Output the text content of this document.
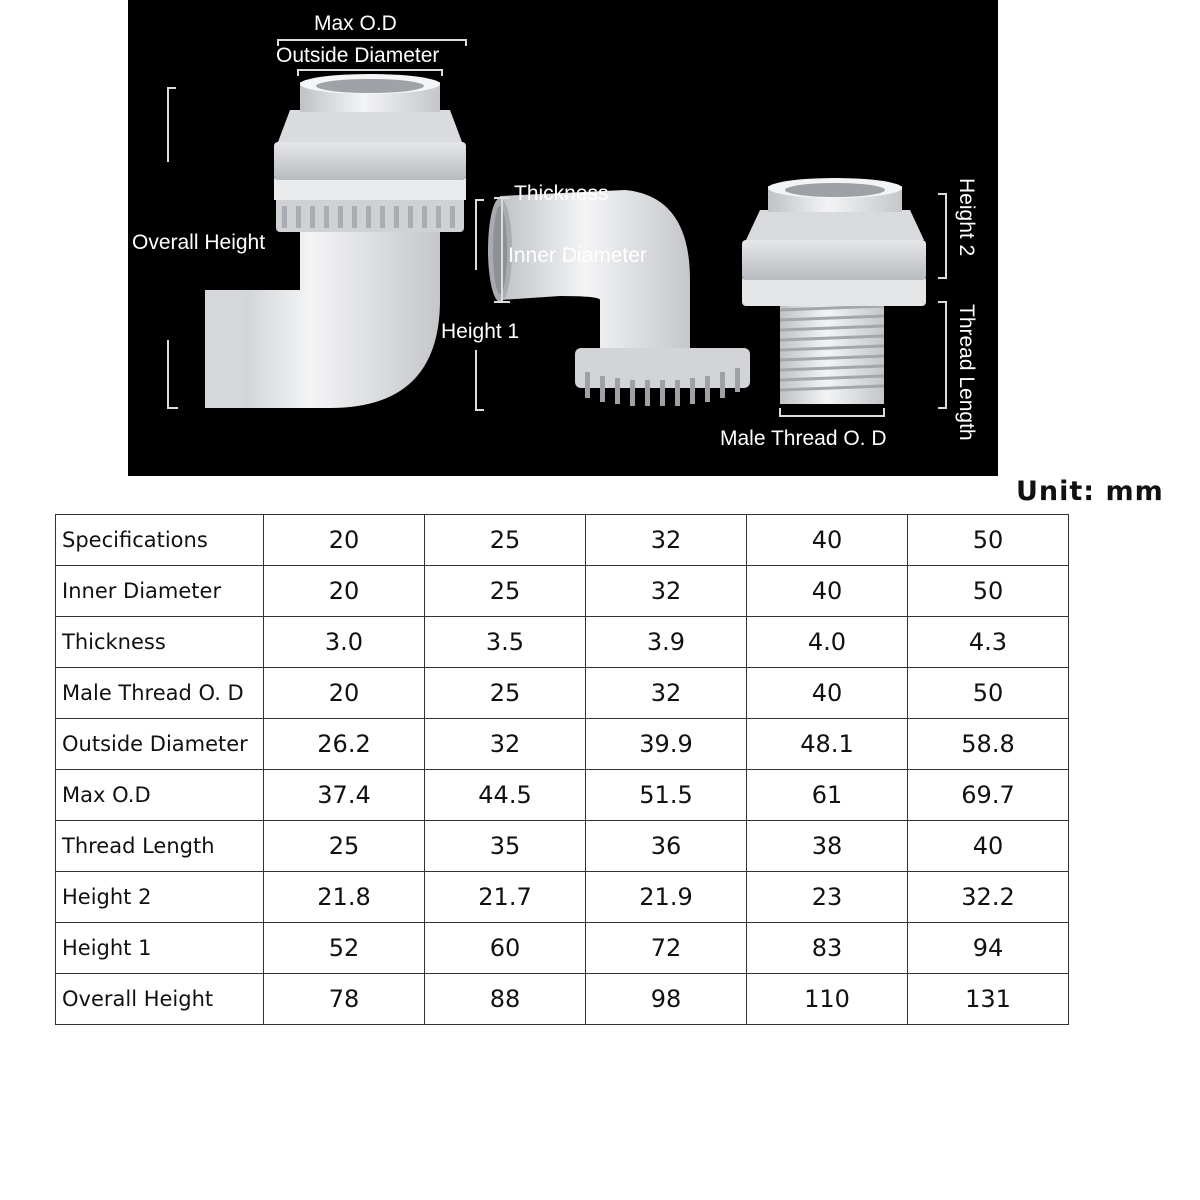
Max O.D
Outside Diameter
Overall Height
Thickness
Inner Diameter
Height 1
Male Thread O. D
Height 2
Thread Length
Unit: mm
Specifications	20	25	32	40	50
Inner Diameter	20	25	32	40	50
Thickness	3.0	3.5	3.9	4.0	4.3
Male Thread O. D	20	25	32	40	50
Outside Diameter	26.2	32	39.9	48.1	58.8
Max O.D	37.4	44.5	51.5	61	69.7
Thread Length	25	35	36	38	40
Height 2	21.8	21.7	21.9	23	32.2
Height 1	52	60	72	83	94
Overall Height	78	88	98	110	131
